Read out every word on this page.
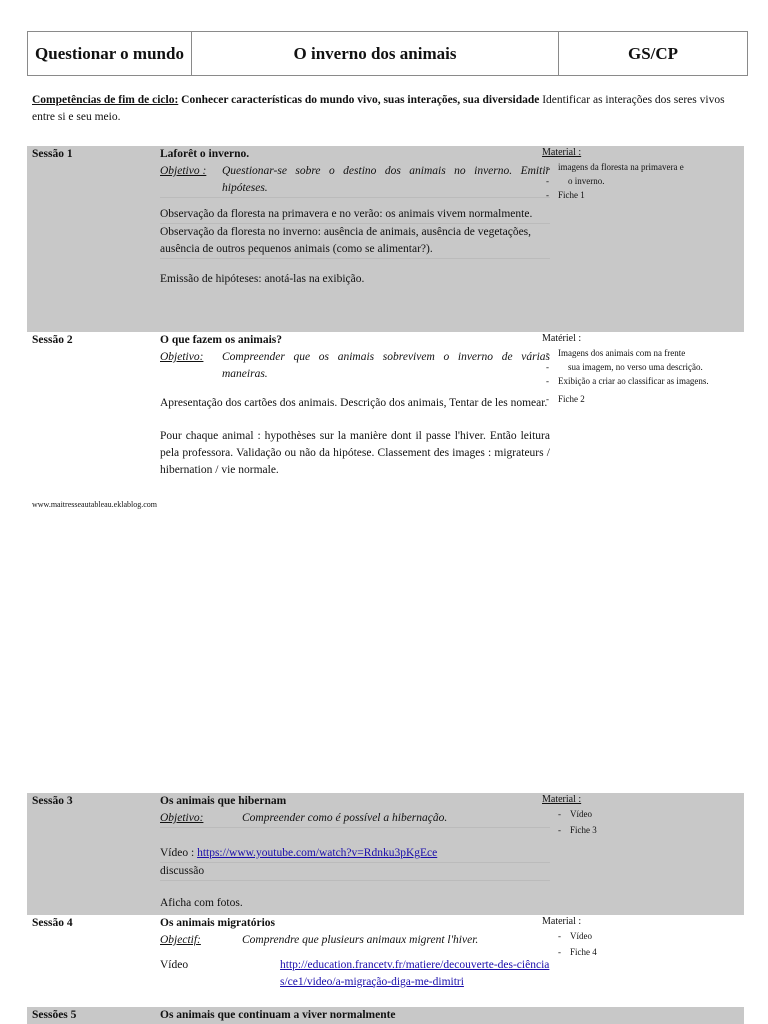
Questionar o mundo	O inverno dos animais	GS/CP
Competências de fim de ciclo: Conhecer características do mundo vivo, suas interações, sua diversidade Identificar as interações dos seres vivos entre si e seu meio.
Sessão 1	Laforêt o inverno.
Objetivo :	Questionar-se sobre o destino dos animais no inverno. Emitir hipóteses.
Observação da floresta na primavera e no verão: os animais vivem normalmente.
Observação da floresta no inverno: ausência de animais, ausência de vegetações, ausência de outros pequenos animais (como se alimentar?).
Emissão de hipóteses: anotá-las na exibição.
Material :
- imagens da floresta na primavera e
- o inverno.
- Fiche 1
Sessão 2	O que fazem os animais?
Objetivo:	Compreender que os animais sobrevivem o inverno de várias maneiras.
Apresentação dos cartões dos animais. Descrição dos animais, Tentar de les nomear.
Pour chaque animal : hypothèses sur la manière dont il passe l'hiver. Então leitura pela professora. Validação ou não da hipótese. Classement des images : migrateurs / hibernation / vie normale.
Matériel :
- Imagens dos animais com na frente
- sua imagem, no verso uma descrição.
- Exibição a criar ao classificar as imagens.
- Fiche 2
www.maitresseautableau.eklablog.com
Sessão 3	Os animais que hibernam
Objetivo:	Compreender como é possível a hibernação.
Vídeo : https://www.youtube.com/watch?v=Rdnku3pKgEce
discussão
Aficha com fotos.
Material :
- Vídeo
- Fiche 3
Sessão 4	Os animais migratórios
Objectif:	Comprendre que plusieurs animaux migrent l'hiver.
Vídeo	http://education.francetv.fr/matiere/decouverte-des-ciências/ce1/video/a-migração-diga-me-dimitri
Material :
- Vídeo
- Fiche 4
Sessões 5	Os animais que continuam a viver normalmente
